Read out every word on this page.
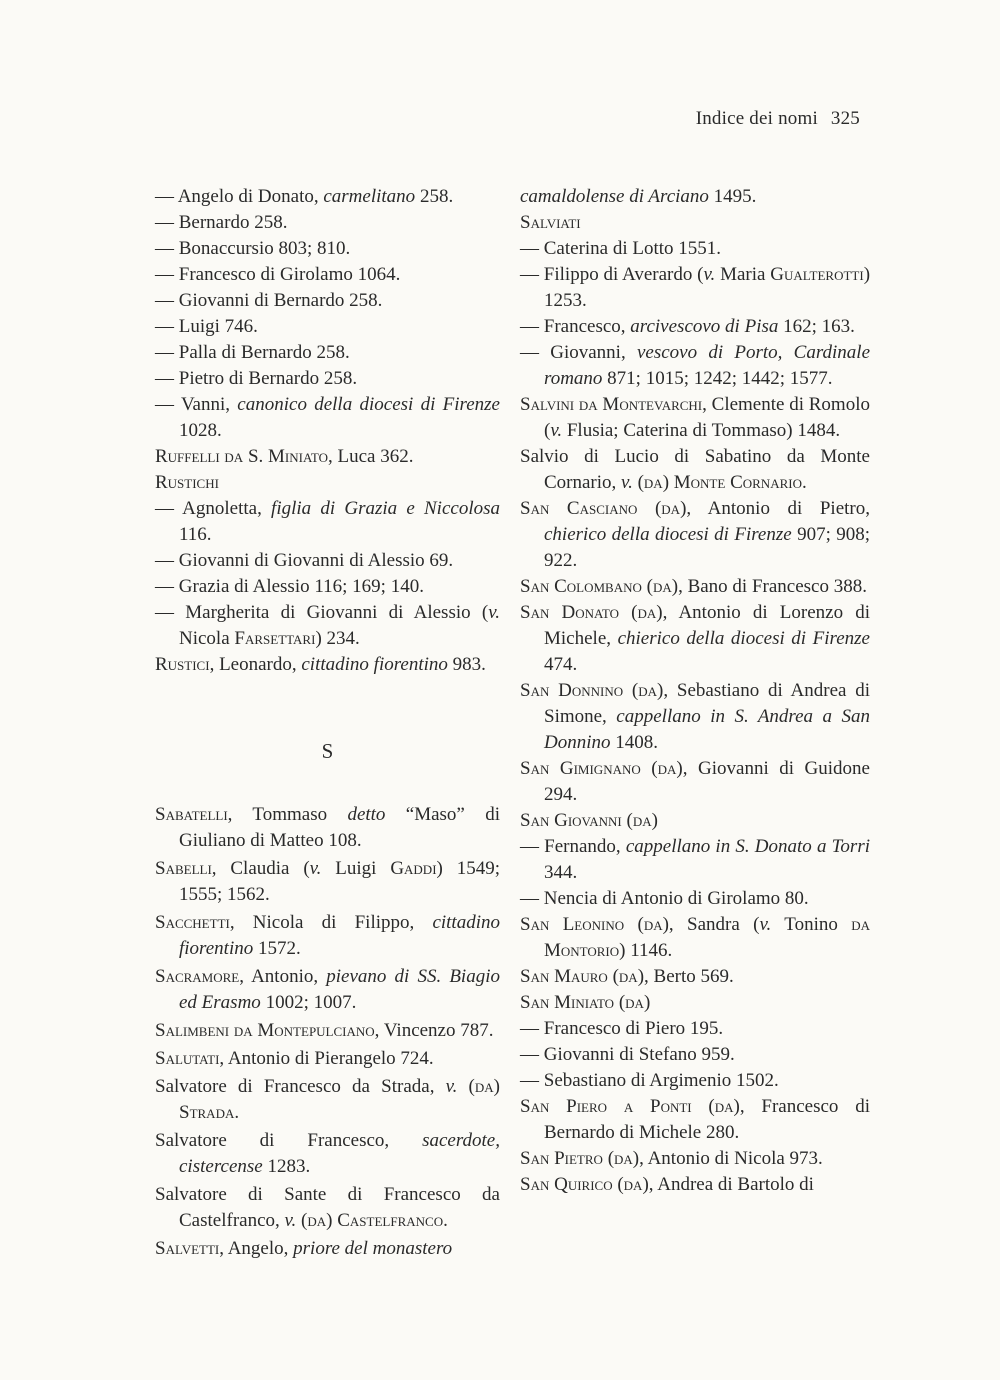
Indice dei nomi 325
— Angelo di Donato, carmelitano 258.
— Bernardo 258.
— Bonaccursio 803; 810.
— Francesco di Girolamo 1064.
— Giovanni di Bernardo 258.
— Luigi 746.
— Palla di Bernardo 258.
— Pietro di Bernardo 258.
— Vanni, canonico della diocesi di Firenze 1028.
Ruffelli da S. Miniato, Luca 362.
Rustichi
— Agnoletta, figlia di Grazia e Niccolosa 116.
— Giovanni di Giovanni di Alessio 69.
— Grazia di Alessio 116; 169; 140.
— Margherita di Giovanni di Alessio (v. Nicola Farsettari) 234.
Rustici, Leonardo, cittadino fiorentino 983.
S
Sabatelli, Tommaso detto “Maso” di Giuliano di Matteo 108.
Sabelli, Claudia (v. Luigi Gaddi) 1549; 1555; 1562.
Sacchetti, Nicola di Filippo, cittadino fiorentino 1572.
Sacramore, Antonio, pievano di SS. Biagio ed Erasmo 1002; 1007.
Salimbeni da Montepulciano, Vincenzo 787.
Salutati, Antonio di Pierangelo 724.
Salvatore di Francesco da Strada, v. (da) Strada.
Salvatore di Francesco, sacerdote, cistercense 1283.
Salvatore di Sante di Francesco da Castelfranco, v. (da) Castelfranco.
Salvetti, Angelo, priore del monastero
camaldolense di Arciano 1495.
Salviati
— Caterina di Lotto 1551.
— Filippo di Averardo (v. Maria Gualterotti) 1253.
— Francesco, arcivescovo di Pisa 162; 163.
— Giovanni, vescovo di Porto, Cardinale romano 871; 1015; 1242; 1442; 1577.
Salvini da Montevarchi, Clemente di Romolo (v. Flusia; Caterina di Tommaso) 1484.
Salvio di Lucio di Sabatino da Monte Cornario, v. (da) Monte Cornario.
San Casciano (da), Antonio di Pietro, chierico della diocesi di Firenze 907; 908; 922.
San Colombano (da), Bano di Francesco 388.
San Donato (da), Antonio di Lorenzo di Michele, chierico della diocesi di Firenze 474.
San Donnino (da), Sebastiano di Andrea di Simone, cappellano in S. Andrea a San Donnino 1408.
San Gimignano (da), Giovanni di Guidone 294.
San Giovanni (da)
— Fernando, cappellano in S. Donato a Torri 344.
— Nencia di Antonio di Girolamo 80.
San Leonino (da), Sandra (v. Tonino da Montorio) 1146.
San Mauro (da), Berto 569.
San Miniato (da)
— Francesco di Piero 195.
— Giovanni di Stefano 959.
— Sebastiano di Argimenio 1502.
San Piero a Ponti (da), Francesco di Bernardo di Michele 280.
San Pietro (da), Antonio di Nicola 973.
San Quirico (da), Andrea di Bartolo di
